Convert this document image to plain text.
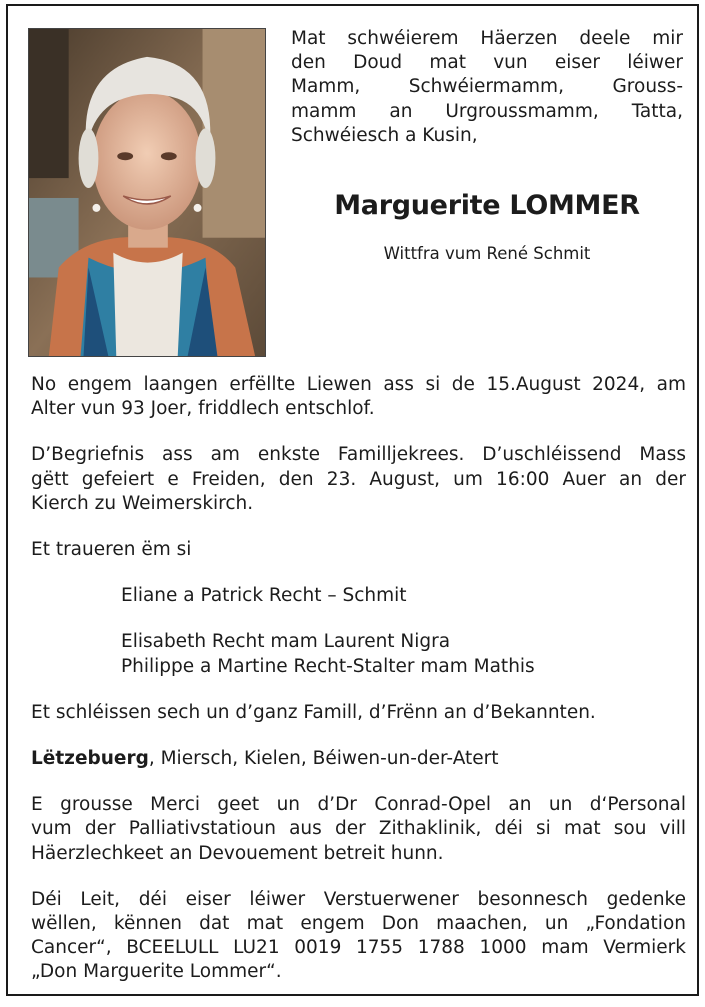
Mat schwéierem Häerzen deele mir
den Doud mat vun eiser léiwer
Mamm, Schwéiermamm, Grouss-
mamm an Urgroussmamm, Tatta,
Schwéiesch a Kusin,
Marguerite LOMMER
Wittfra vum René Schmit
No engem laangen erfëllte Liewen ass si de 15.August 2024, am
Alter vun 93 Joer, friddlech entschlof.
D’Begriefnis ass am enkste Familljekrees. D’uschléissend Mass
gëtt gefeiert e Freiden, den 23. August, um 16:00 Auer an der
Kierch zu Weimerskirch.
Et traueren ëm si
Eliane a Patrick Recht – Schmit
Elisabeth Recht mam Laurent Nigra
Philippe a Martine Recht-Stalter mam Mathis
Et schléissen sech un d’ganz Famill, d’Frënn an d’Bekannten.
Lëtzebuerg, Miersch, Kielen, Béiwen-un-der-Atert
E grousse Merci geet un d’Dr Conrad-Opel an un d‘Personal
vum der Palliativstatioun aus der Zithaklinik, déi si mat sou vill
Häerzlechkeet an Devouement betreit hunn.
Déi Leit, déi eiser léiwer Verstuerwener besonnesch gedenke
wëllen, kënnen dat mat engem Don maachen, un „Fondation
Cancer“, BCEELULL LU21 0019 1755 1788 1000 mam Vermierk
„Don Marguerite Lommer“.
